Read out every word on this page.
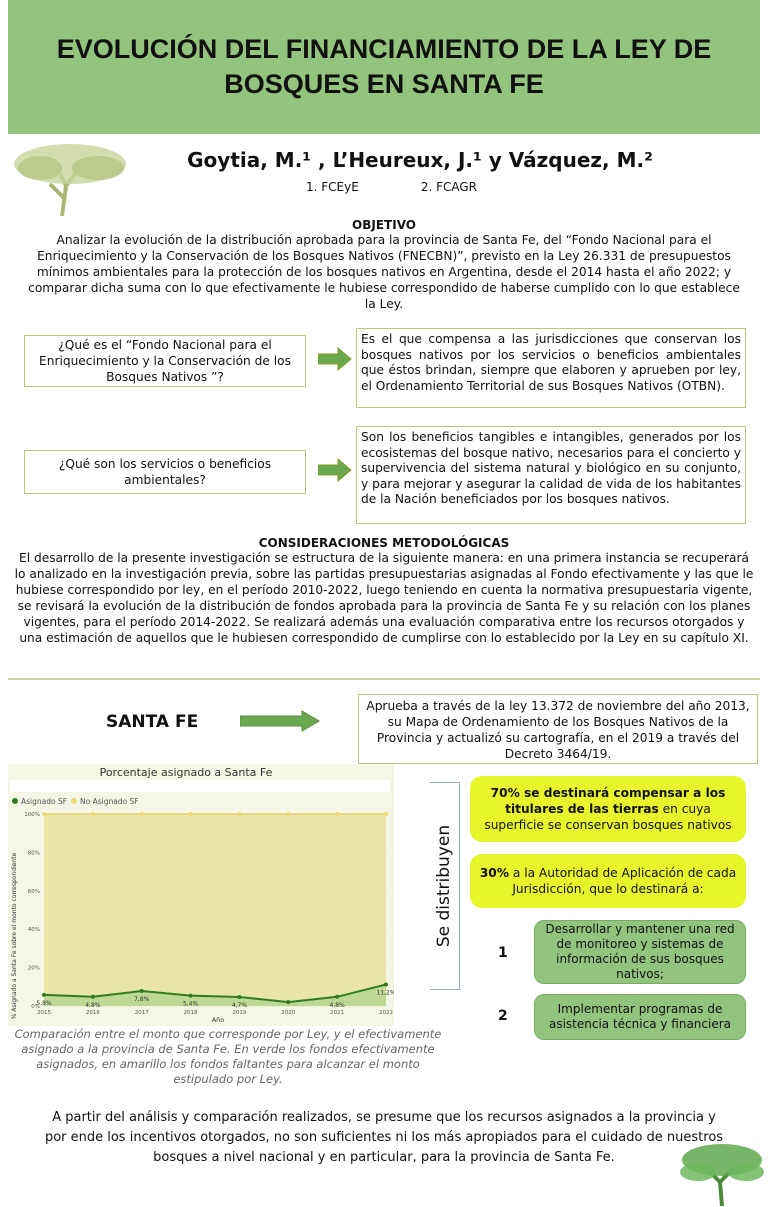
EVOLUCIÓN DEL FINANCIAMIENTO DE LA LEY DE BOSQUES EN SANTA FE
Goytia, M.¹ , L’Heureux, J.¹ y Vázquez, M.²
1. FCEyE	2. FCAGR
OBJETIVO
Analizar la evolución de la distribución aprobada para la provincia de Santa Fe, del “Fondo Nacional para el Enriquecimiento y la Conservación de los Bosques Nativos (FNECBN)”, previsto en la Ley 26.331 de presupuestos mínimos ambientales para la protección de los bosques nativos en Argentina, desde el 2014 hasta el año 2022; y comparar dicha suma con lo que efectivamente le hubiese correspondido de haberse cumplido con lo que establece la Ley.
¿Qué es el “Fondo Nacional para el Enriquecimiento y la Conservación de los Bosques Nativos ”?
Es el que compensa a las jurisdicciones que conservan los bosques nativos por los servicios o beneficios ambientales que éstos brindan, siempre que elaboren y aprueben por ley, el Ordenamiento Territorial de sus Bosques Nativos (OTBN).
¿Qué son los servicios o beneficios ambientales?
Son los beneficios tangibles e intangibles, generados por los ecosistemas del bosque nativo, necesarios para el concierto y supervivencia del sistema natural y biológico en su conjunto, y para mejorar y asegurar la calidad de vida de los habitantes de la Nación beneficiados por los bosques nativos.
CONSIDERACIONES METODOLÓGICAS
El desarrollo de la presente investigación se estructura de la siguiente manera: en una primera instancia se recuperará lo analizado en la investigación previa, sobre las partidas presupuestarias asignadas al Fondo efectivamente y las que le hubiese correspondido por ley, en el período 2010-2022, luego teniendo en cuenta la normativa presupuestaria vigente, se revisará la evolución de la distribución de fondos aprobada para la provincia de Santa Fe y su relación con los planes vigentes, para el período 2014-2022. Se realizará además una evaluación comparativa entre los recursos otorgados y una estimación de aquellos que le hubiesen correspondido de cumplirse con lo establecido por la Ley en su capítulo XI.
SANTA FE
Aprueba a través de la ley 13.372 de noviembre del año 2013, su Mapa de Ordenamiento de los Bosques Nativos de la Provincia y actualizó su cartografía, en el 2019 a través del Decreto 3464/19.
Porcentaje asignado a Santa Fe
Asignado SF No Asignado SF
% Asignado a Santa Fe sobre el monto correspondiente
Año
0%
20%
40%
60%
80%
100%
5,8%
2015
4,8%
2016
7,8%
2017
5,4%
2018
4,7%
2019	2020
4,8%
2021
11,2%
2022
Comparación entre el monto que corresponde por Ley, y el efectivamente asignado a la provincia de Santa Fe. En verde los fondos efectivamente asignados, en amarillo los fondos faltantes para alcanzar el monto estipulado por Ley.
Se distribuyen
70% se destinará compensar a los titulares de las tierras en cuya superficie se conservan bosques nativos
30% a la Autoridad de Aplicación de cada Jurisdicción, que lo destinará a:
1
Desarrollar y mantener una red de monitoreo y sistemas de información de sus bosques nativos;
2	Implementar programas de asistencia técnica y financiera
A partir del análisis y comparación realizados, se presume que los recursos asignados a la provincia y por ende los incentivos otorgados, no son suficientes ni los más apropiados para el cuidado de nuestros bosques a nivel nacional y en particular, para la provincia de Santa Fe.
